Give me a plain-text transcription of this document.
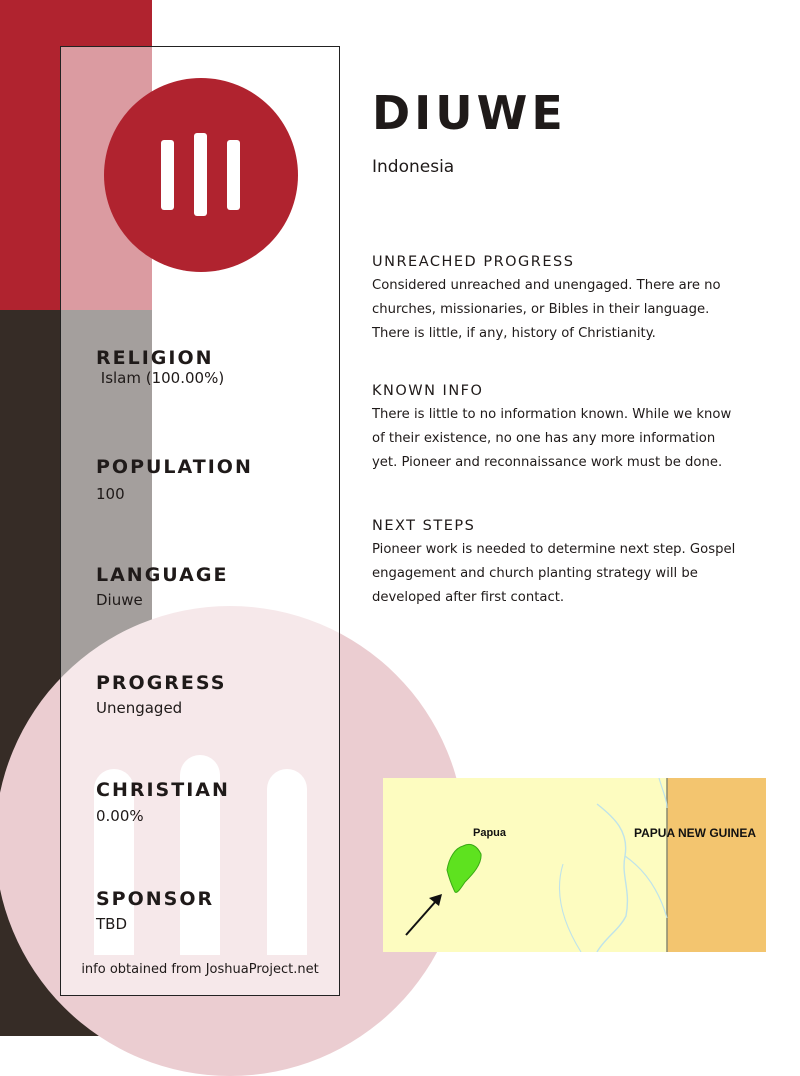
RELIGION

Islam (100.00%)

POPULATION

100

LANGUAGE

Diuwe

PROGRESS

Unengaged

CHRISTIAN

0.00%

SPONSOR

TBD

info obtained from JoshuaProject.net
DIUWE
Indonesia

UNREACHED PROGRESS

Considered unreached and unengaged. There are no

churches, missionaries, or Bibles in their language.

There is little, if any, history of Christianity.

KNOWN INFO

There is little to no information known. While we know

of their existence, no one has any more information

yet. Pioneer and reconnaissance work must be done.

NEXT STEPS

Pioneer work is needed to determine next step. Gospel

engagement and church planting strategy will be

developed after first contact.

Papua	PAPUA NEW GUINEA
